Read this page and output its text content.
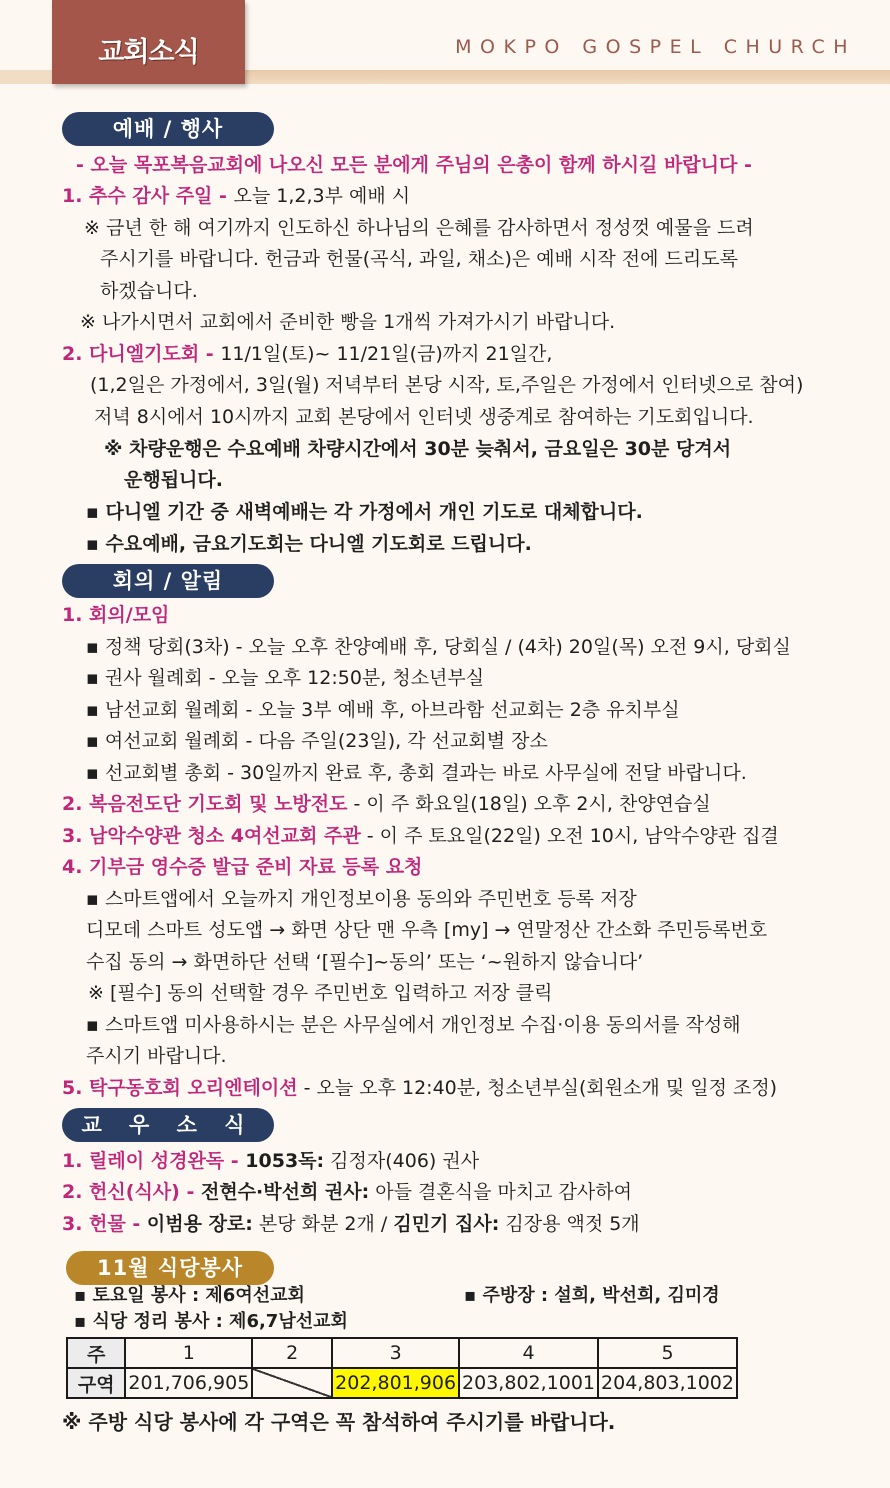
교회소식	MOKPO GOSPEL CHURCH
예배 / 행사
- 오늘 목포복음교회에 나오신 모든 분에게 주님의 은총이 함께 하시길 바랍니다 -
1. 추수 감사 주일 - 오늘 1,2,3부 예배 시
※ 금년 한 해 여기까지 인도하신 하나님의 은혜를 감사하면서 정성껏 예물을 드려
주시기를 바랍니다. 헌금과 헌물(곡식, 과일, 채소)은 예배 시작 전에 드리도록
하겠습니다.
※ 나가시면서 교회에서 준비한 빵을 1개씩 가져가시기 바랍니다.
2. 다니엘기도회 - 11/1일(토)~ 11/21일(금)까지 21일간,
(1,2일은 가정에서, 3일(월) 저녁부터 본당 시작, 토,주일은 가정에서 인터넷으로 참여)
저녁 8시에서 10시까지 교회 본당에서 인터넷 생중계로 참여하는 기도회입니다.
※ 차량운행은 수요예배 차량시간에서 30분 늦춰서, 금요일은 30분 당겨서
운행됩니다.
▪ 다니엘 기간 중 새벽예배는 각 가정에서 개인 기도로 대체합니다.
▪ 수요예배, 금요기도회는 다니엘 기도회로 드립니다.
회의 / 알림
1. 회의/모임
▪ 정책 당회(3차) - 오늘 오후 찬양예배 후, 당회실 / (4차) 20일(목) 오전 9시, 당회실
▪ 권사 월례회 - 오늘 오후 12:50분, 청소년부실
▪ 남선교회 월례회 - 오늘 3부 예배 후, 아브라함 선교회는 2층 유치부실
▪ 여선교회 월례회 - 다음 주일(23일), 각 선교회별 장소
▪ 선교회별 총회 - 30일까지 완료 후, 총회 결과는 바로 사무실에 전달 바랍니다.
2. 복음전도단 기도회 및 노방전도 - 이 주 화요일(18일) 오후 2시, 찬양연습실
3. 남악수양관 청소 4여선교회 주관 - 이 주 토요일(22일) 오전 10시, 남악수양관 집결
4. 기부금 영수증 발급 준비 자료 등록 요청
▪ 스마트앱에서 오늘까지 개인정보이용 동의와 주민번호 등록 저장
디모데 스마트 성도앱 → 화면 상단 맨 우측 [my] → 연말정산 간소화 주민등록번호
수집 동의 → 화면하단 선택 ‘[필수]~동의’ 또는 ‘~원하지 않습니다’
※ [필수] 동의 선택할 경우 주민번호 입력하고 저장 클릭
▪ 스마트앱 미사용하시는 분은 사무실에서 개인정보 수집·이용 동의서를 작성해
주시기 바랍니다.
5. 탁구동호회 오리엔테이션 - 오늘 오후 12:40분, 청소년부실(회원소개 및 일정 조정)
교 우 소 식
1. 릴레이 성경완독 - 1053독: 김정자(406) 권사
2. 헌신(식사) - 전현수·박선희 권사: 아들 결혼식을 마치고 감사하여
3. 헌물 - 이범용 장로: 본당 화분 2개 / 김민기 집사: 김장용 액젓 5개
11월 식당봉사
▪ 토요일 봉사 : 제6여선교회	▪ 주방장 : 설희, 박선희, 김미경
▪ 식당 정리 봉사 : 제6,7남선교회
주	1	2	3	4	5
구역	201,706,905		202,801,906	203,802,1001	204,803,1002
※ 주방 식당 봉사에 각 구역은 꼭 참석하여 주시기를 바랍니다.
